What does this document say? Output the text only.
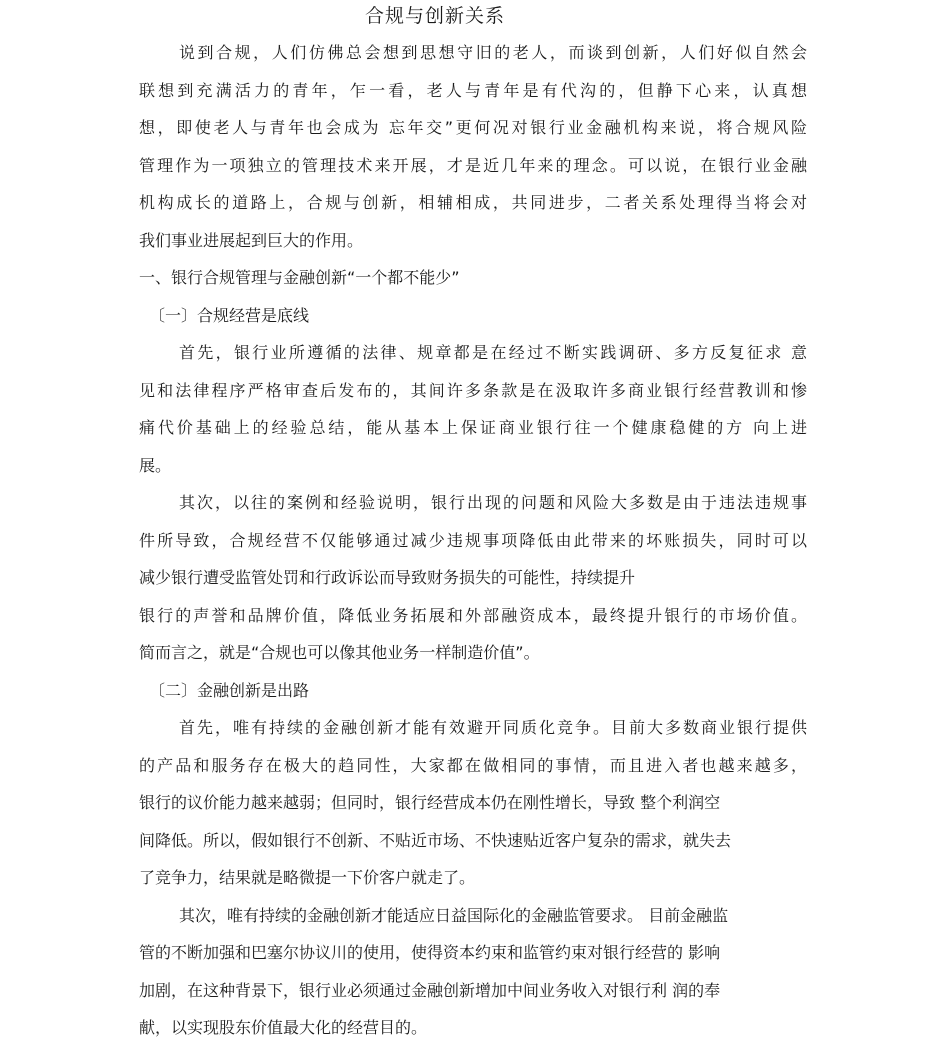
合规与创新关系
说到合规，人们仿佛总会想到思想守旧的老人，而谈到创新，人们好似自然会
联想到充满活力的青年，乍一看，老人与青年是有代沟的，但静下心来，认真想
想，即使老人与青年也会成为 忘年交”更何况对银行业金融机构来说，将合规风险
管理作为一项独立的管理技术来开展，才是近几年来的理念。可以说，在银行业金融
机构成长的道路上，合规与创新，相辅相成，共同进步，二者关系处理得当将会对
我们事业进展起到巨大的作用。
一、银行合规管理与金融创新“一个都不能少”
〔一〕合规经营是底线
首先，银行业所遵循的法律、规章都是在经过不断实践调研、多方反复征求 意
见和法律程序严格审查后发布的，其间许多条款是在汲取许多商业银行经营教训和惨
痛代价基础上的经验总结，能从基本上保证商业银行往一个健康稳健的方 向上进
展。
其次，以往的案例和经验说明，银行出现的问题和风险大多数是由于违法违规事
件所导致，合规经营不仅能够通过减少违规事项降低由此带来的坏账损失，同时可以
减少银行遭受监管处罚和行政诉讼而导致财务损失的可能性，持续提升
银行的声誉和品牌价值，降低业务拓展和外部融资成本，最终提升银行的市场价值。
简而言之，就是“合规也可以像其他业务一样制造价值”。
〔二〕金融创新是出路
首先，唯有持续的金融创新才能有效避开同质化竞争。目前大多数商业银行提供
的产品和服务存在极大的趋同性，大家都在做相同的事情，而且进入者也越来越多，
银行的议价能力越来越弱；但同时，银行经营成本仍在刚性增长，导致 整个利润空
间降低。所以，假如银行不创新、不贴近市场、不快速贴近客户复杂的需求，就失去
了竞争力，结果就是略微提一下价客户就走了。
其次，唯有持续的金融创新才能适应日益国际化的金融监管要求。 目前金融监
管的不断加强和巴塞尔协议川的使用，使得资本约束和监管约束对银行经营的 影响
加剧，在这种背景下，银行业必须通过金融创新增加中间业务收入对银行利 润的奉
献，以实现股东价值最大化的经营目的。
